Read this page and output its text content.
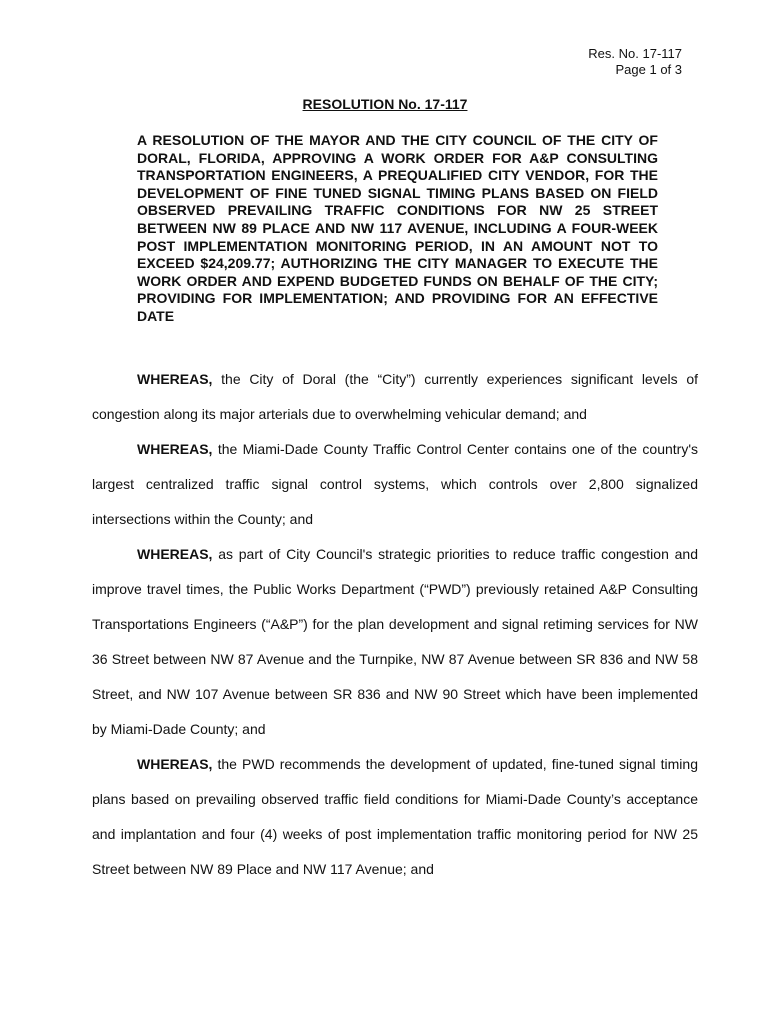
Res. No. 17-117
Page 1 of 3
RESOLUTION No. 17-117
A RESOLUTION OF THE MAYOR AND THE CITY COUNCIL OF THE CITY OF DORAL, FLORIDA, APPROVING A WORK ORDER FOR A&P CONSULTING TRANSPORTATION ENGINEERS, A PREQUALIFIED CITY VENDOR, FOR THE DEVELOPMENT OF FINE TUNED SIGNAL TIMING PLANS BASED ON FIELD OBSERVED PREVAILING TRAFFIC CONDITIONS FOR NW 25 STREET BETWEEN NW 89 PLACE AND NW 117 AVENUE, INCLUDING A FOUR-WEEK POST IMPLEMENTATION MONITORING PERIOD, IN AN AMOUNT NOT TO EXCEED $24,209.77; AUTHORIZING THE CITY MANAGER TO EXECUTE THE WORK ORDER AND EXPEND BUDGETED FUNDS ON BEHALF OF THE CITY; PROVIDING FOR IMPLEMENTATION; AND PROVIDING FOR AN EFFECTIVE DATE

WHEREAS, the City of Doral (the “City”) currently experiences significant levels of congestion along its major arterials due to overwhelming vehicular demand; and

WHEREAS, the Miami-Dade County Traffic Control Center contains one of the country's largest centralized traffic signal control systems, which controls over 2,800 signalized intersections within the County; and

WHEREAS, as part of City Council's strategic priorities to reduce traffic congestion and improve travel times, the Public Works Department (“PWD”) previously retained A&P Consulting Transportations Engineers (“A&P”) for the plan development and signal retiming services for NW 36 Street between NW 87 Avenue and the Turnpike, NW 87 Avenue between SR 836 and NW 58 Street, and NW 107 Avenue between SR 836 and NW 90 Street which have been implemented by Miami-Dade County; and

WHEREAS, the PWD recommends the development of updated, fine-tuned signal timing plans based on prevailing observed traffic field conditions for Miami-Dade County’s acceptance and implantation and four (4) weeks of post implementation traffic monitoring period for NW 25 Street between NW 89 Place and NW 117 Avenue; and
